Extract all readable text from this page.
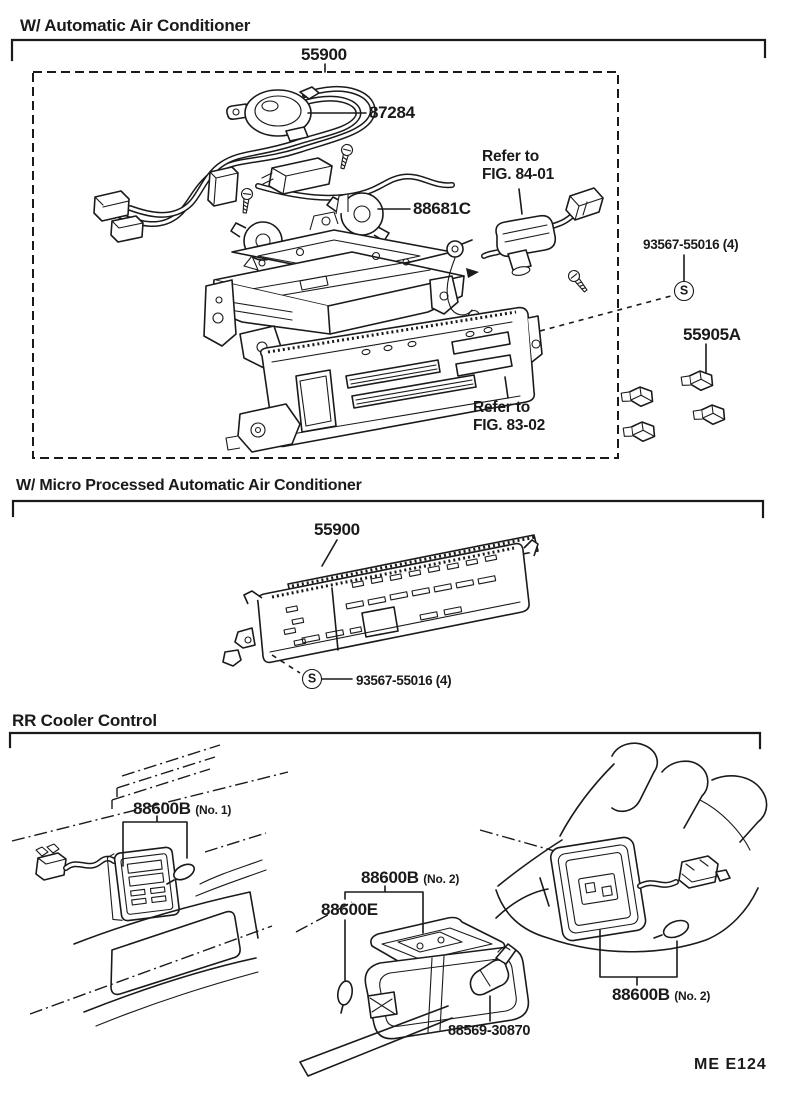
W/ Automatic Air Conditioner
55900
87284
Refer to
FIG. 84-01
88681C
93567-55016 (4)
S
55905A
Refer to
FIG. 83-02
W/ Micro Processed Automatic Air Conditioner
55900
S	93567-55016 (4)
RR Cooler Control
88600B (No. 1)
88600B (No. 2)
88600E
88569-30870
88600B (No. 2)
ME E124
